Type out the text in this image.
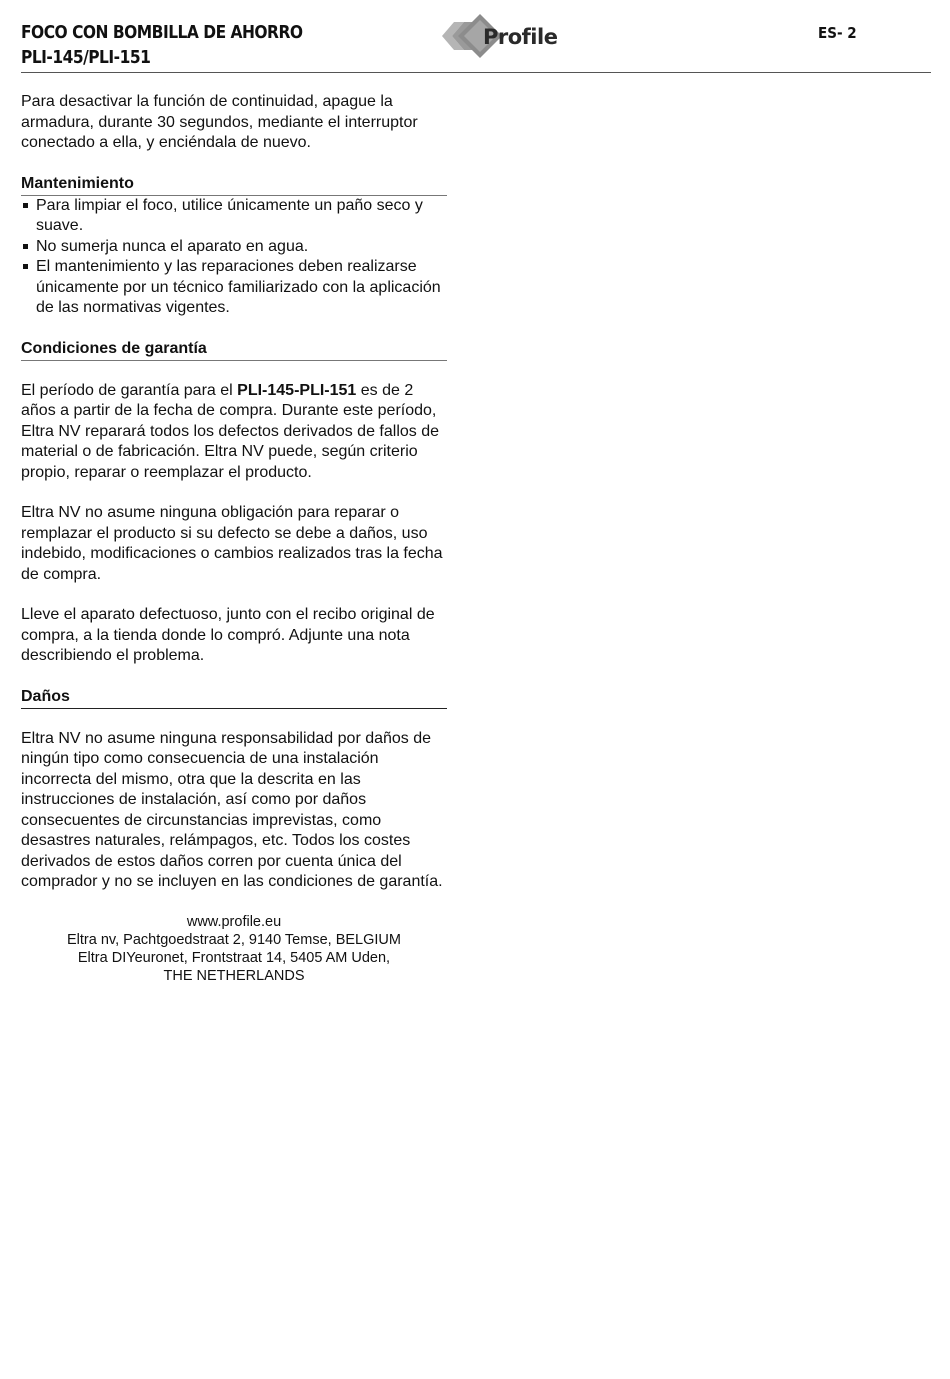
FOCO CON BOMBILLA DE AHORRO
PLI-145/PLI-151
Profile	ES- 2

Para desactivar la función de continuidad, apague la armadura, durante 30 segundos, mediante el interruptor conectado a ella, y enciéndala de nuevo.

Mantenimiento
Para limpiar el foco, utilice únicamente un paño seco y suave.
No sumerja nunca el aparato en agua.
El mantenimiento y las reparaciones deben realizarse únicamente por un técnico familiarizado con la aplicación de las normativas vigentes.
Condiciones de garantía

El período de garantía para el PLI-145-PLI-151 es de 2 años a partir de la fecha de compra. Durante este período, Eltra NV reparará todos los defectos derivados de fallos de material o de fabricación. Eltra NV puede, según criterio propio, reparar o reemplazar el producto.

Eltra NV no asume ninguna obligación para reparar o remplazar el producto si su defecto se debe a daños, uso indebido, modificaciones o cambios realizados tras la fecha de compra.

Lleve el aparato defectuoso, junto con el recibo original de compra, a la tienda donde lo compró. Adjunte una nota describiendo el problema.

Daños

Eltra NV no asume ninguna responsabilidad por daños de ningún tipo como consecuencia de una instalación incorrecta del mismo, otra que la descrita en las instrucciones de instalación, así como por daños consecuentes de circunstancias imprevistas, como desastres naturales, relámpagos, etc. Todos los costes derivados de estos daños corren por cuenta única del comprador y no se incluyen en las condiciones de garantía.

www.profile.eu
Eltra nv, Pachtgoedstraat 2, 9140 Temse, BELGIUM
Eltra DIYeuronet, Frontstraat 14, 5405 AM Uden,
THE NETHERLANDS
